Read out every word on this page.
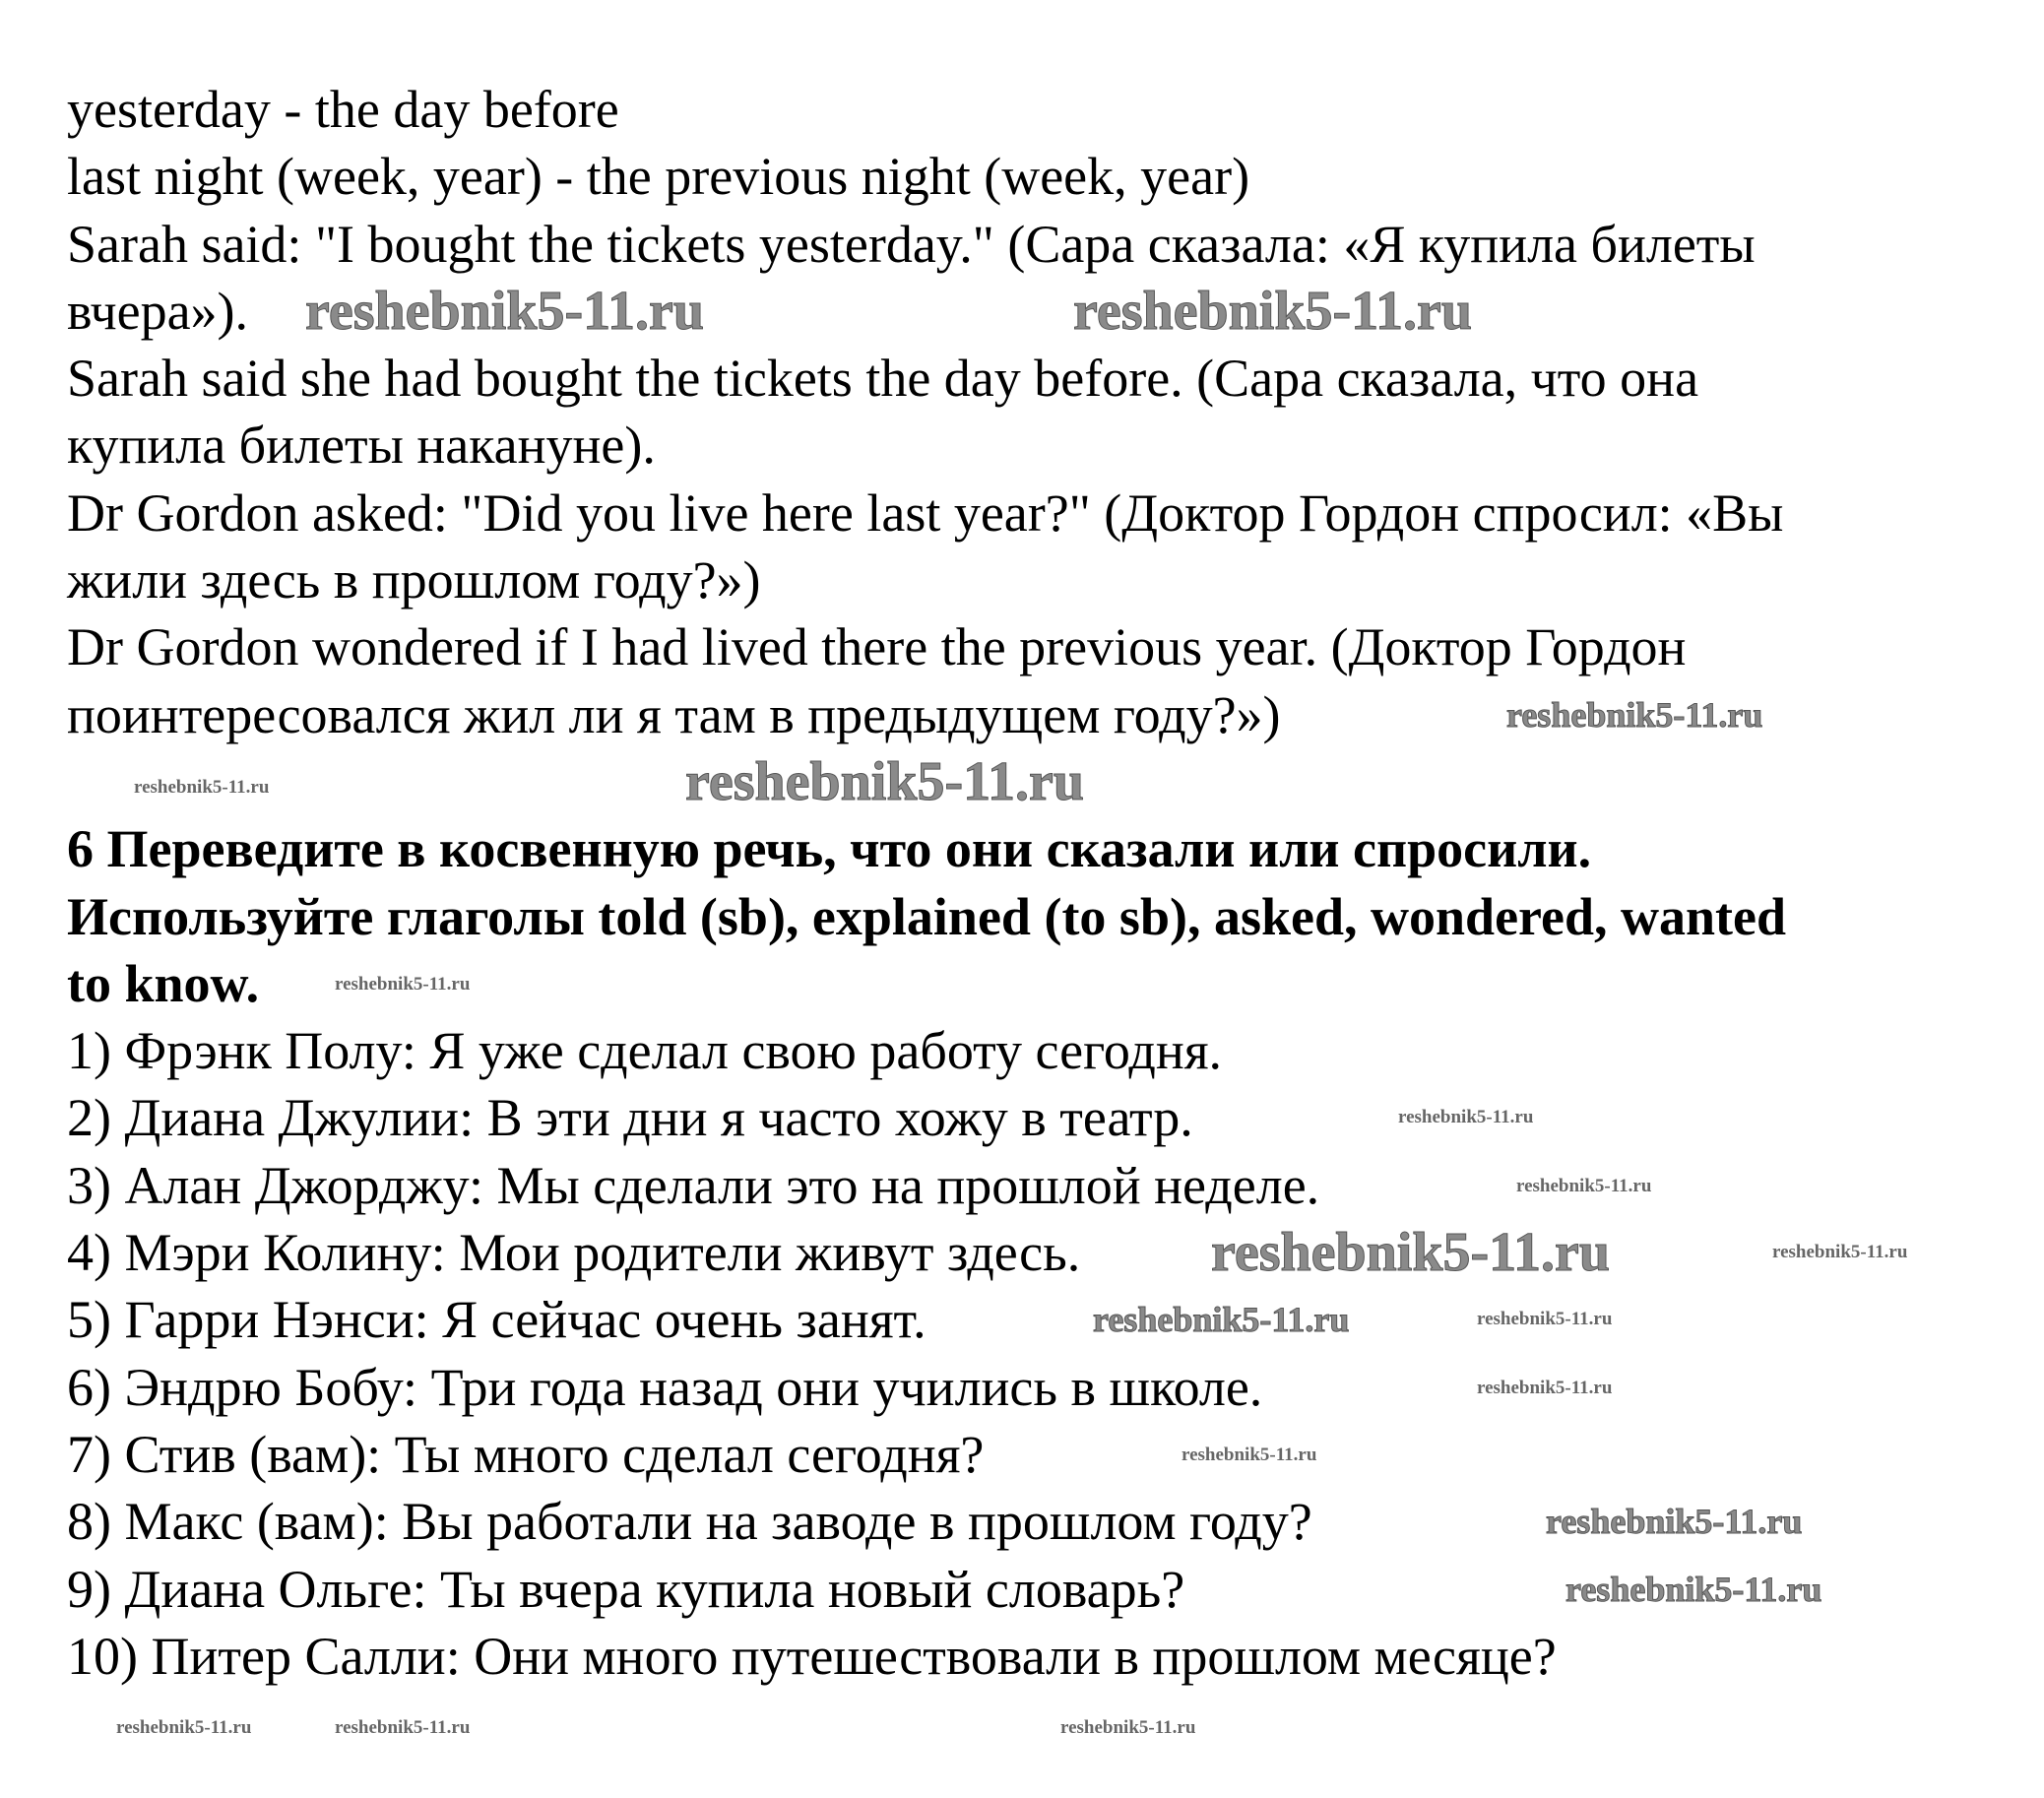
yesterday - the day before
last night (week, year) - the previous night (week, year)
Sarah said: "I bought the tickets yesterday." (Сара сказала: «Я купила билеты
вчера»).
Sarah said she had bought the tickets the day before. (Сара сказала, что она
купила билеты накануне).
Dr Gordon asked: "Did you live here last year?" (Доктор Гордон спросил: «Вы
жили здесь в прошлом году?»)
Dr Gordon wondered if I had lived there the previous year. (Доктор Гордон
поинтересовался жил ли я там в предыдущем году?»)
6 Переведите в косвенную речь, что они сказали или спросили.
Используйте глаголы told (sb), explained (to sb), asked, wondered, wanted
to know.
1) Фрэнк Полу: Я уже сделал свою работу сегодня.
2) Диана Джулии: В эти дни я часто хожу в театр.
3) Алан Джорджу: Мы сделали это на прошлой неделе.
4) Мэри Колину: Мои родители живут здесь.
5) Гарри Нэнси: Я сейчас очень занят.
6) Эндрю Бобу: Три года назад они учились в школе.
7) Стив (вам): Ты много сделал сегодня?
8) Макс (вам): Вы работали на заводе в прошлом году?
9) Диана Ольге: Ты вчера купила новый словарь?
10) Питер Салли: Они много путешествовали в прошлом месяце?
reshebnik5-11.ru	reshebnik5-11.ru
reshebnik5-11.ru
reshebnik5-11.ru
reshebnik5-11.ru
reshebnik5-11.ru
reshebnik5-11.ru
reshebnik5-11.ru
reshebnik5-11.ru
reshebnik5-11.ru
reshebnik5-11.ru
reshebnik5-11.ru
reshebnik5-11.ru
reshebnik5-11.ru
reshebnik5-11.ru
reshebnik5-11.ru
reshebnik5-11.ru	reshebnik5-11.ru	reshebnik5-11.ru
